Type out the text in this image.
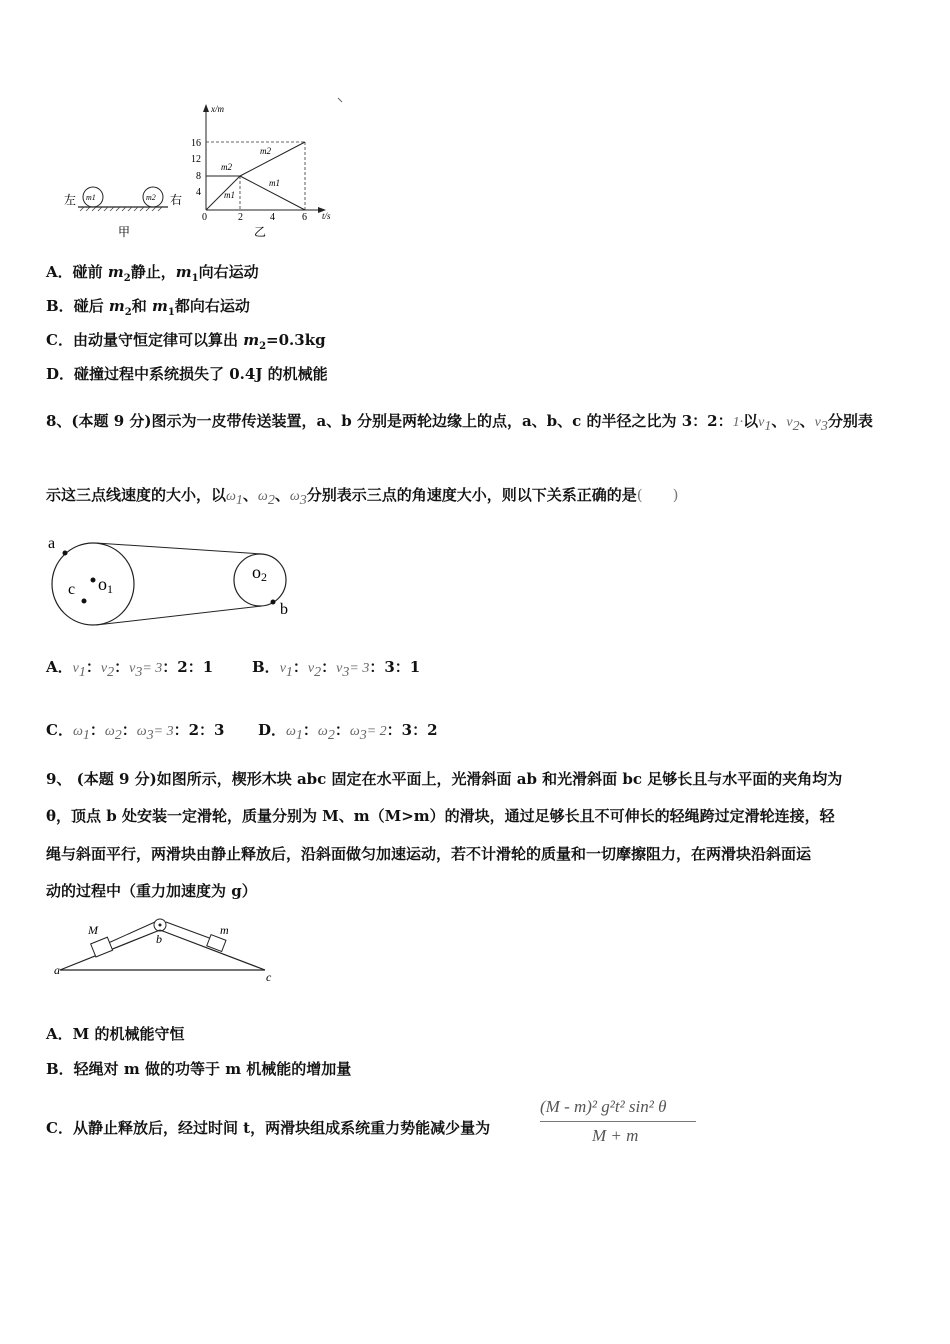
左	右
m1	m2
甲
x/m
t/s
16
12
8
4
0	2	4	6
m2
m2
m1
m1
乙
A．碰前 $m_2$静止，$m_1$向右运动
B．碰后 $m_2$和 $m_1$都向右运动
C．由动量守恒定律可以算出 $m_2=0.3kg$
D．碰撞过程中系统损失了 0.4J 的机械能
8、(本题 9 分)图示为一皮带传送装置，a、b 分别是两轮边缘上的点，a、b、c 的半径之比为 3：2：1·以$v_1$、$v_2$、$v_3$分别表
示这三点线速度的大小，以$\omega_1$、$\omega_2$、$\omega_3$分别表示三点的角速度大小，则以下关系正确的是(　　)
a
c o1
o2
b
A．$v_1$：$v_2$：$v_3= 3$：2：1	B．$v_1$：$v_2$：$v_3= 3$：3：1
C．$\omega_1$：$\omega_2$：$\omega_3= 3$：2：3 D．$\omega_1$：$\omega_2$：$\omega_3= 2$：3：2
9、 (本题 9 分)如图所示，楔形木块 abc 固定在水平面上，光滑斜面 ab 和光滑斜面 bc 足够长且与水平面的夹角均为
θ，顶点 b 处安装一定滑轮，质量分别为 M、m（M>m）的滑块，通过足够长且不可伸长的轻绳跨过定滑轮连接，轻
绳与斜面平行，两滑块由静止释放后，沿斜面做匀加速运动，若不计滑轮的质量和一切摩擦阻力，在两滑块沿斜面运
动的过程中（重力加速度为 g）
M	m
a
b
c
A．M 的机械能守恒
B．轻绳对 m 做的功等于 m 机械能的增加量
C．从静止释放后，经过时间 t，两滑块组成系统重力势能减少量为
(M - m)² g²t² sin² θ
M + m
